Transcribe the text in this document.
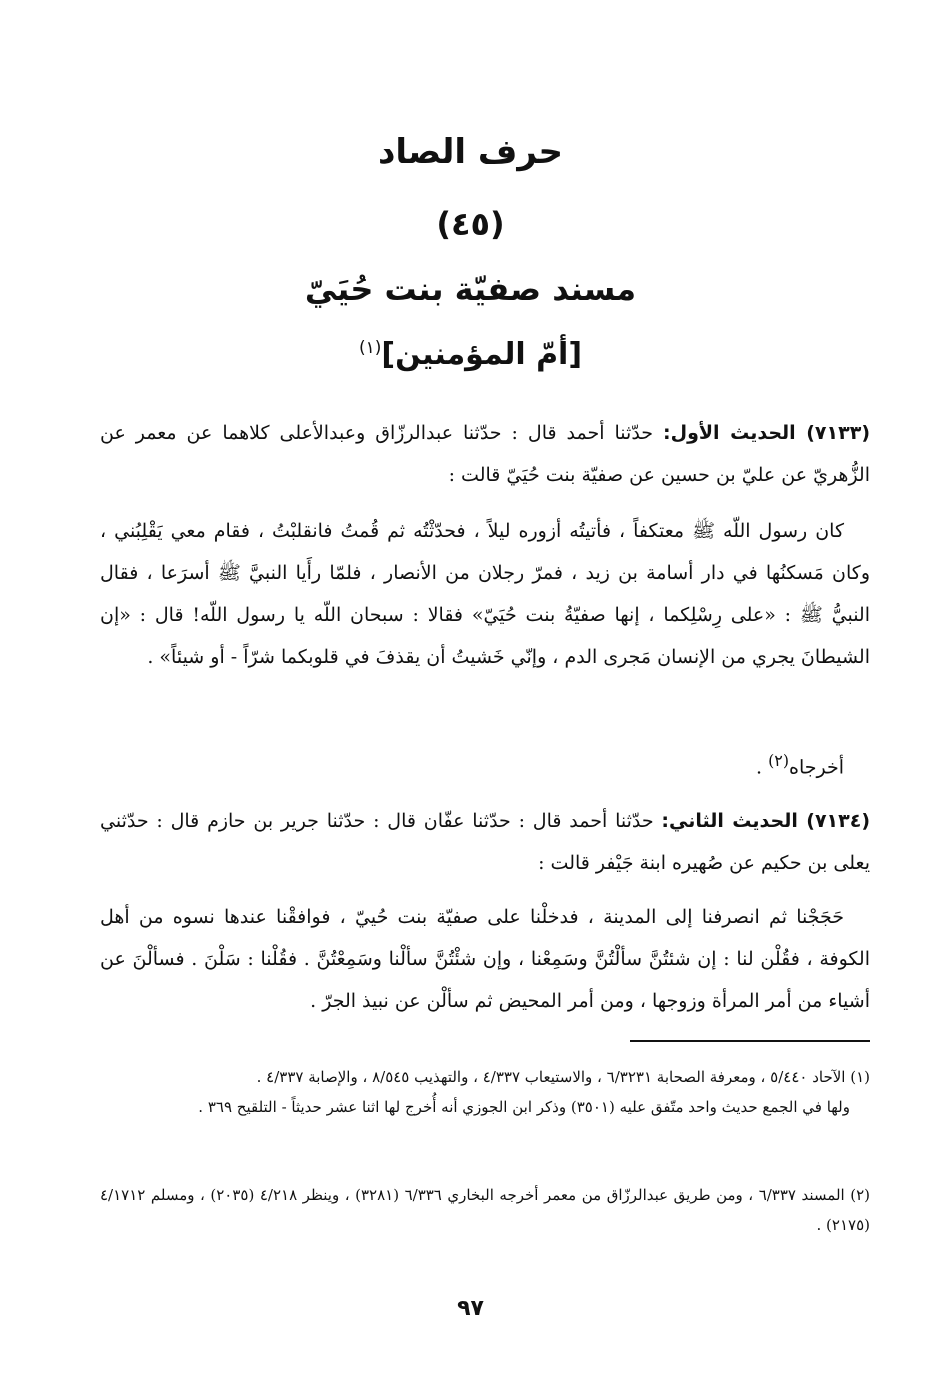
حرف الصاد
(٤٥)
مسند صفيّة بنت حُيَيّ
[أمّ المؤمنين]$^{(١)}$

(٧١٣٣) الحديث الأول: حدّثنا أحمد قال : حدّثنا عبدالرزّاق وعبدالأعلى كلاهما عن معمر عن الزُّهريّ عن عليّ بن حسين عن صفيّة بنت حُيَيّ قالت :

كان رسول اللّه ﷺ معتكفاً ، فأتيتُه أزوره ليلاً ، فحدّثْتُه ثم قُمتُ فانقلبْتُ ، فقام معي يَقْلِبُني ، وكان مَسكنُها في دار أسامة بن زيد ، فمرّ رجلان من الأنصار ، فلمّا رأَيا النبيَّ ﷺ أسرَعا ، فقال النبيُّ ﷺ : «على رِسْلِكما ، إنها صفيّةُ بنت حُيَيّ» فقالا : سبحان اللّه يا رسول اللّه! قال : «إن الشيطانَ يجري من الإنسان مَجرى الدم ، وإنّي خَشيتُ أن يقذفَ في قلوبكما شرّاً - أو شيئاً» .

أخرجاه$^{(٢)}$ .

(٧١٣٤) الحديث الثاني: حدّثنا أحمد قال : حدّثنا عفّان قال : حدّثنا جرير بن حازم قال : حدّثني يعلى بن حكيم عن صُهيره ابنة جَيْفر قالت :

حَجَجْنا ثم انصرفنا إلى المدينة ، فدخلْنا على صفيّة بنت حُييّ ، فوافقْنا عندها نسوه من أهل الكوفة ، فقُلْن لنا : إن شئتُنَّ سألْتُنَّ وسَمِعْنا ، وإن شئْتُنَّ سألْنا وسَمِعْتُنَّ . فقُلْنا : سَلْنَ . فسألْنَ عن أشياء من أمر المرأة وزوجها ، ومن أمر المحيض ثم سألْن عن نبيذ الجرّ .

(١) الآحاد ٥/٤٤٠ ، ومعرفة الصحابة ٦/٣٢٣١ ، والاستيعاب ٤/٣٣٧ ، والتهذيب ٨/٥٤٥ ، والإصابة ٤/٣٣٧ .

ولها في الجمع حديث واحد متّفق عليه (٣٥٠١) وذكر ابن الجوزي أنه أُخرج لها اثنا عشر حديثاً - التلقيح ٣٦٩ .

(٢) المسند ٦/٣٣٧ ، ومن طريق عبدالرزّاق من معمر أخرجه البخاري ٦/٣٣٦ (٣٢٨١) ، وينظر ٤/٢١٨ (٢٠٣٥) ، ومسلم ٤/١٧١٢ (٢١٧٥) .

٩٧
